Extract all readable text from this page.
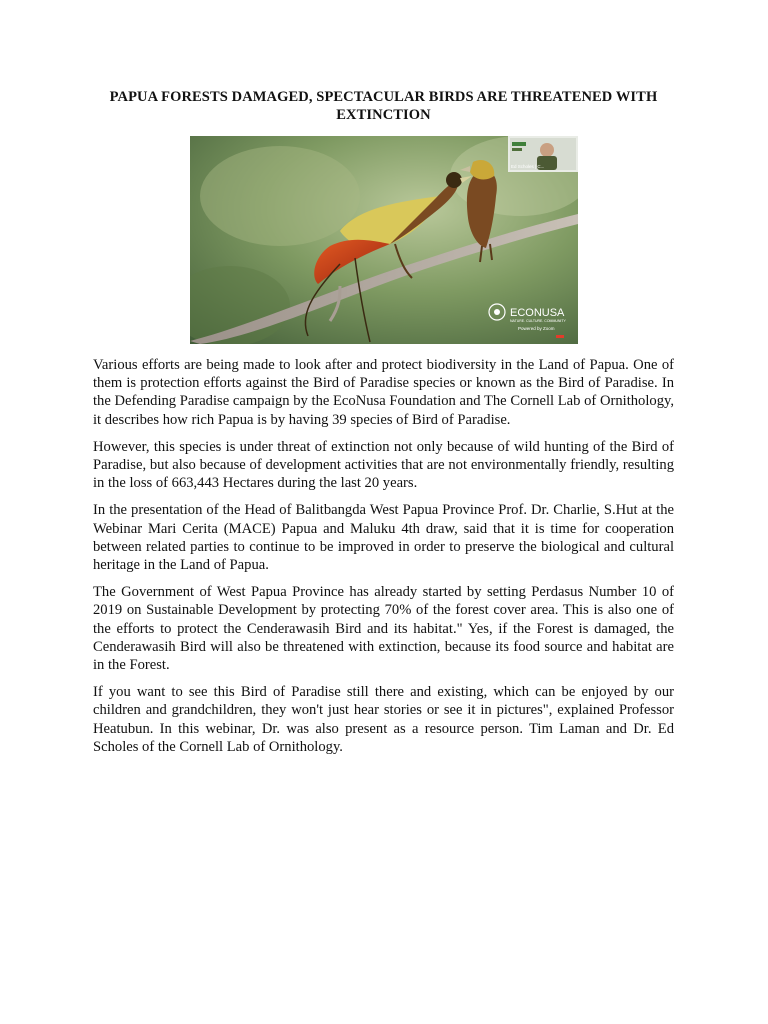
PAPUA FORESTS DAMAGED, SPECTACULAR BIRDS ARE THREATENED WITH EXTINCTION
Ed Scholes | C...
ECONUSA
NATURE. CULTURE. COMMUNITY
Powered by Zoom

Various efforts are being made to look after and protect biodiversity in the Land of Papua. One of them is protection efforts against the Bird of Paradise species or known as the Bird of Paradise. In the Defending Paradise campaign by the EcoNusa Foundation and The Cornell Lab of Ornithology, it describes how rich Papua is by having 39 species of Bird of Paradise.

However, this species is under threat of extinction not only because of wild hunting of the Bird of Paradise, but also because of development activities that are not environmentally friendly, resulting in the loss of 663,443 Hectares during the last 20 years.

In the presentation of the Head of Balitbangda West Papua Province Prof. Dr. Charlie, S.Hut at the Webinar Mari Cerita (MACE) Papua and Maluku 4th draw, said that it is time for cooperation between related parties to continue to be improved in order to preserve the biological and cultural heritage in the Land of Papua.

The Government of West Papua Province has already started by setting Perdasus Number 10 of 2019 on Sustainable Development by protecting 70% of the forest cover area. This is also one of the efforts to protect the Cenderawasih Bird and its habitat." Yes, if the Forest is damaged, the Cenderawasih Bird will also be threatened with extinction, because its food source and habitat are in the Forest.

If you want to see this Bird of Paradise still there and existing, which can be enjoyed by our children and grandchildren, they won't just hear stories or see it in pictures", explained Professor Heatubun. In this webinar, Dr. was also present as a resource person. Tim Laman and Dr. Ed Scholes of the Cornell Lab of Ornithology.
